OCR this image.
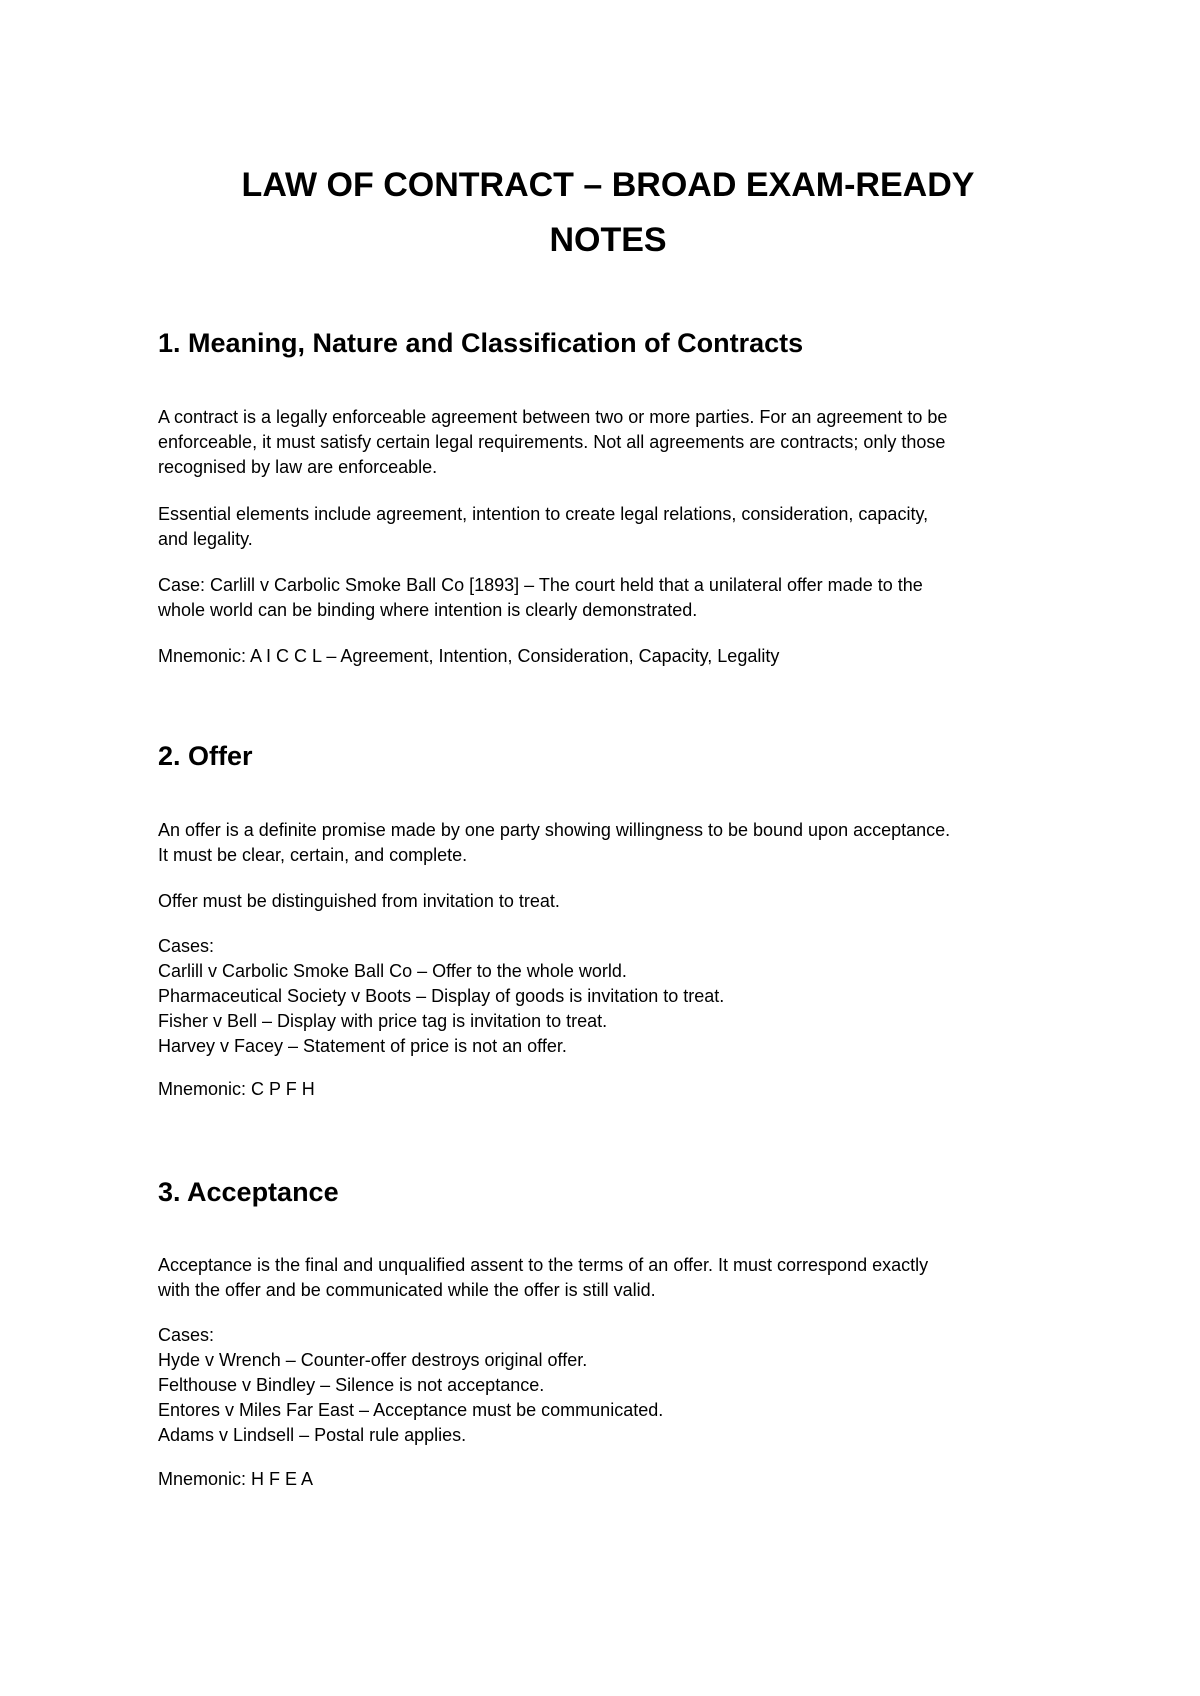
LAW OF CONTRACT – BROAD EXAM-READY
NOTES
1. Meaning, Nature and Classification of Contracts

A contract is a legally enforceable agreement between two or more parties. For an agreement to be
enforceable, it must satisfy certain legal requirements. Not all agreements are contracts; only those
recognised by law are enforceable.

Essential elements include agreement, intention to create legal relations, consideration, capacity,
and legality.

Case: Carlill v Carbolic Smoke Ball Co [1893] – The court held that a unilateral offer made to the
whole world can be binding where intention is clearly demonstrated.

Mnemonic: A I C C L – Agreement, Intention, Consideration, Capacity, Legality

2. Offer

An offer is a definite promise made by one party showing willingness to be bound upon acceptance.
It must be clear, certain, and complete.

Offer must be distinguished from invitation to treat.

Cases:
Carlill v Carbolic Smoke Ball Co – Offer to the whole world.
Pharmaceutical Society v Boots – Display of goods is invitation to treat.
Fisher v Bell – Display with price tag is invitation to treat.
Harvey v Facey – Statement of price is not an offer.

Mnemonic: C P F H

3. Acceptance

Acceptance is the final and unqualified assent to the terms of an offer. It must correspond exactly
with the offer and be communicated while the offer is still valid.

Cases:
Hyde v Wrench – Counter-offer destroys original offer.
Felthouse v Bindley – Silence is not acceptance.
Entores v Miles Far East – Acceptance must be communicated.
Adams v Lindsell – Postal rule applies.

Mnemonic: H F E A
